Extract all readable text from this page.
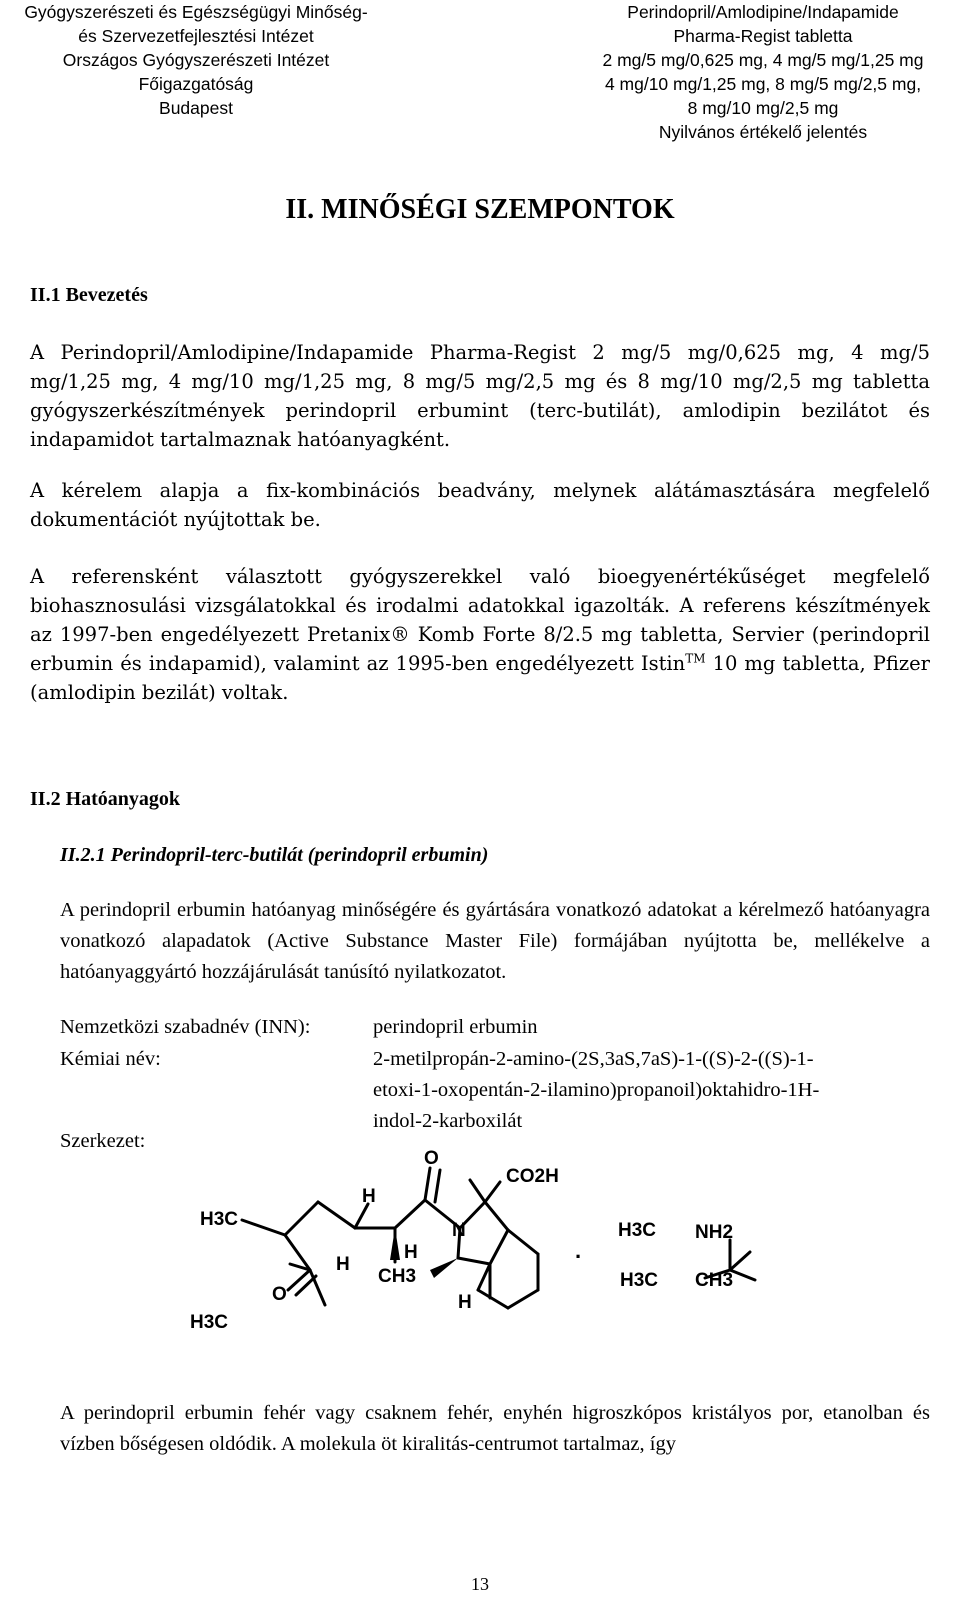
Gyógyszerészeti és Egészségügyi Minőség-
és Szervezetfejlesztési Intézet
Országos Gyógyszerészeti Intézet
Főigazgatóság
Budapest
Perindopril/Amlodipine/Indapamide
Pharma-Regist tabletta
2 mg/5 mg/0,625 mg, 4 mg/5 mg/1,25 mg
4 mg/10 mg/1,25 mg, 8 mg/5 mg/2,5 mg,
8 mg/10 mg/2,5 mg
Nyilvános értékelő jelentés
II. MINŐSÉGI SZEMPONTOK
II.1 Bevezetés

A Perindopril/Amlodipine/Indapamide Pharma-Regist 2 mg/5 mg/0,625 mg, 4 mg/5 mg/1,25 mg, 4 mg/10 mg/1,25 mg, 8 mg/5 mg/2,5 mg és 8 mg/10 mg/2,5 mg tabletta gyógyszerkészítmények perindopril erbumint (terc-butilát), amlodipin bezilátot és indapamidot tartalmaznak hatóanyagként.

A kérelem alapja a fix-kombinációs beadvány, melynek alátámasztására megfelelő dokumentációt nyújtottak be.

A referensként választott gyógyszerekkel való bioegyenértékűséget megfelelő biohasznosulási vizsgálatokkal és irodalmi adatokkal igazolták. A referens készítmények az 1997-ben engedélyezett Pretanix® Komb Forte 8/2.5 mg tabletta, Servier (perindopril erbumin és indapamid), valamint az 1995-ben engedélyezett Istin™ 10 mg tabletta, Pfizer (amlodipin bezilát) voltak.

II.2 Hatóanyagok
II.2.1 Perindopril-terc-butilát (perindopril erbumin)

A perindopril erbumin hatóanyag minőségére és gyártására vonatkozó adatokat a kérelmező hatóanyagra vonatkozó alapadatok (Active Substance Master File) formájában nyújtotta be, mellékelve a hatóanyaggyártó hozzájárulását tanúsító nyilatkozatot.

Nemzetközi szabadnév (INN):	perindopril erbumin
Kémiai név:	2-metilpropán-2-amino-(2S,3aS,7aS)-1-((S)-2-((S)-1-
etoxi-1-oxopentán-2-ilamino)propanoil)oktahidro-1H-
indol-2-karboxilát
Szerkezet:
H
O
CO2H
H3C
N
H
O
CH3
H
H3C
H
H3C NH2
H3C CH3
.

A perindopril erbumin fehér vagy csaknem fehér, enyhén higroszkópos kristályos por, etanolban és vízben bőségesen oldódik. A molekula öt kiralitás-centrumot tartalmaz, így

13
